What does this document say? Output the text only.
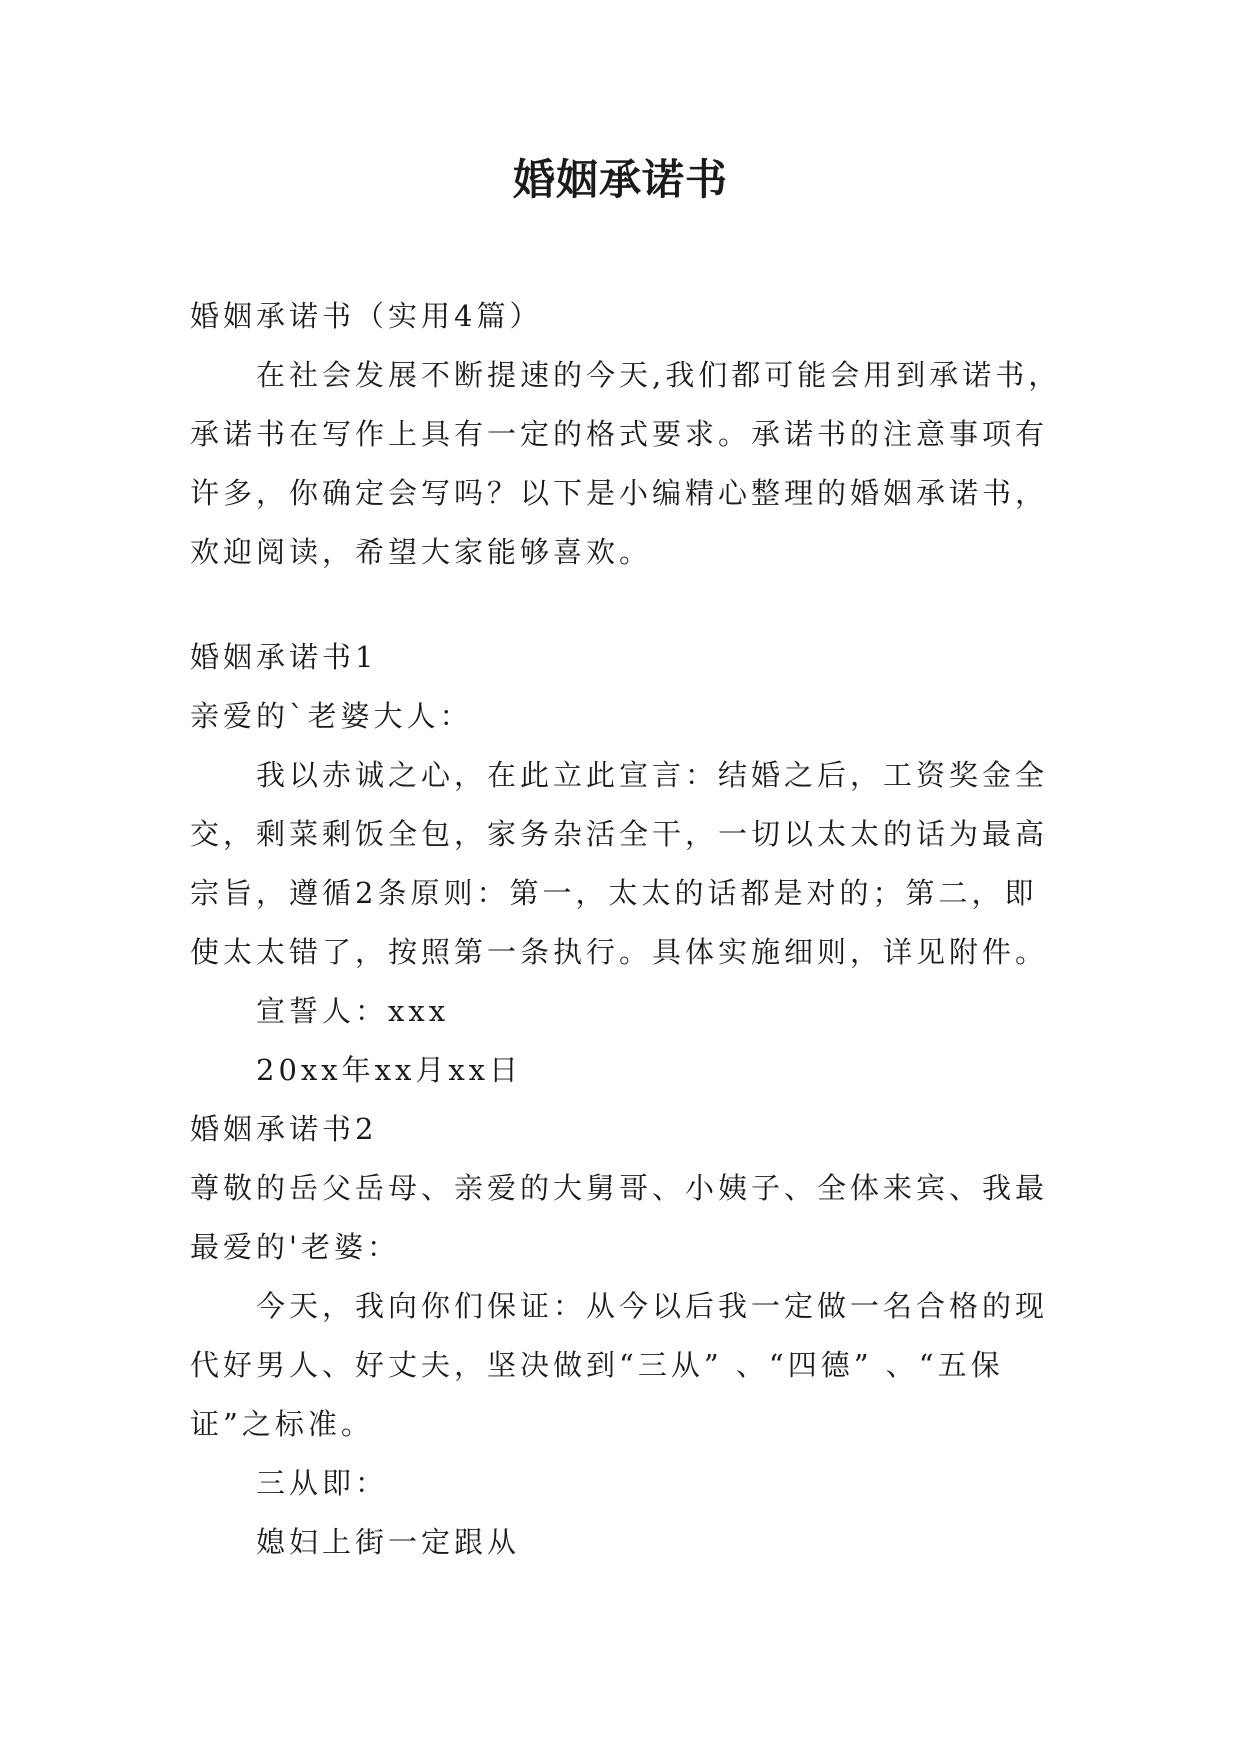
婚姻承诺书
婚姻承诺书（实用4篇）
在社会发展不断提速的今天,我们都可能会用到承诺书，
承诺书在写作上具有一定的格式要求。承诺书的注意事项有
许多，你确定会写吗？以下是小编精心整理的婚姻承诺书，
欢迎阅读，希望大家能够喜欢。
婚姻承诺书1
亲爱的`老婆大人：
我以赤诚之心，在此立此宣言：结婚之后，工资奖金全
交，剩菜剩饭全包，家务杂活全干，一切以太太的话为最高
宗旨，遵循2条原则：第一，太太的话都是对的；第二，即
使太太错了，按照第一条执行。具体实施细则，详见附件。
宣誓人：xxx
20xx年xx月xx日
婚姻承诺书2
尊敬的岳父岳母、亲爱的大舅哥、小姨子、全体来宾、我最
最爱的'老婆：
今天，我向你们保证：从今以后我一定做一名合格的现
代好男人、好丈夫，坚决做到“三从” 、“四德” 、“五保
证”之标准。
三从即：
媳妇上街一定跟从
